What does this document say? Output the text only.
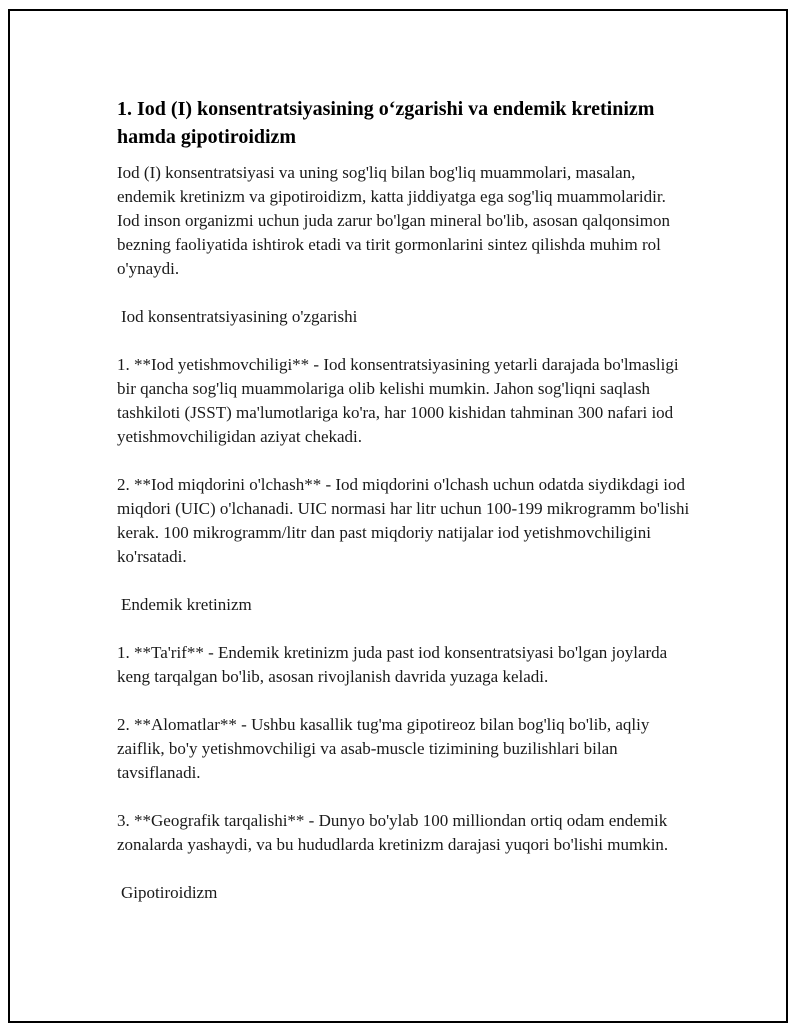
1. Iod (I) konsentratsiyasining o‘zgarishi va endemik kretinizm hamda gipotiroidizm

Iod (I) konsentratsiyasi va uning sog'liq bilan bog'liq muammolari, masalan, endemik kretinizm va gipotiroidizm, katta jiddiyatga ega sog'liq muammolaridir. Iod inson organizmi uchun juda zarur bo'lgan mineral bo'lib, asosan qalqonsimon bezning faoliyatida ishtirok etadi va tirit gormonlarini sintez qilishda muhim rol o'ynaydi.

Iod konsentratsiyasining o'zgarishi

1. **Iod yetishmovchiligi** - Iod konsentratsiyasining yetarli darajada bo'lmasligi bir qancha sog'liq muammolariga olib kelishi mumkin. Jahon sog'liqni saqlash tashkiloti (JSST) ma'lumotlariga ko'ra, har 1000 kishidan tahminan 300 nafari iod yetishmovchiligidan aziyat chekadi.

2. **Iod miqdorini o'lchash** - Iod miqdorini o'lchash uchun odatda siydikdagi iod miqdori (UIC) o'lchanadi. UIC normasi har litr uchun 100-199 mikrogramm bo'lishi kerak. 100 mikrogramm/litr dan past miqdoriy natijalar iod yetishmovchiligini ko'rsatadi.

Endemik kretinizm

1. **Ta'rif** - Endemik kretinizm juda past iod konsentratsiyasi bo'lgan joylarda keng tarqalgan bo'lib, asosan rivojlanish davrida yuzaga keladi.

2. **Alomatlar** - Ushbu kasallik tug'ma gipotireoz bilan bog'liq bo'lib, aqliy zaiflik, bo'y yetishmovchiligi va asab-muscle tizimining buzilishlari bilan tavsiflanadi.

3. **Geografik tarqalishi** - Dunyo bo'ylab 100 milliondan ortiq odam endemik zonalarda yashaydi, va bu hududlarda kretinizm darajasi yuqori bo'lishi mumkin.

Gipotiroidizm
